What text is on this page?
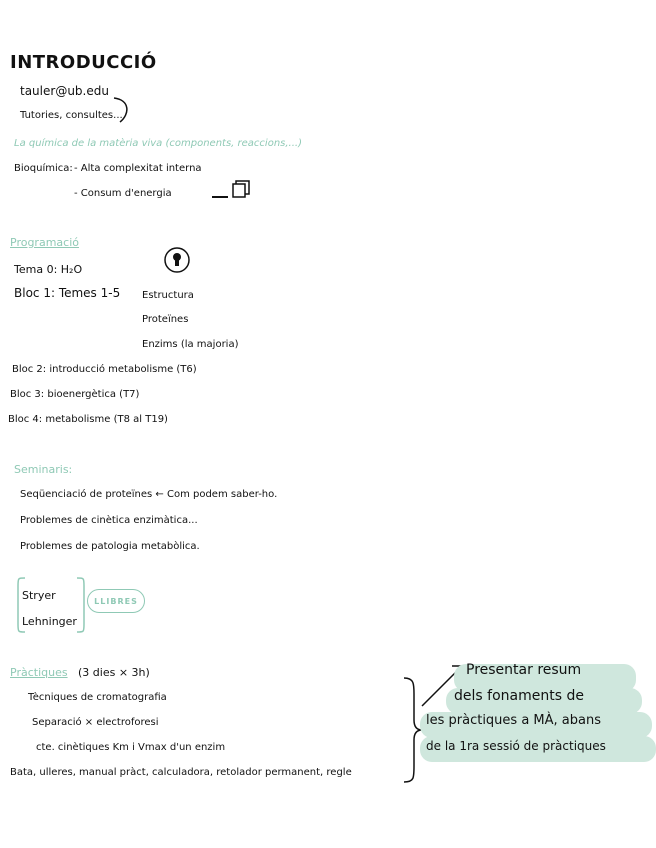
INTRODUCCIÓ
tauler@ub.edu
Tutories, consultes...
La química de la matèria viva (components, reaccions,...)
Bioquímica: - Alta complexitat interna
- Consum d'energia
Programació
Tema 0: H₂O
Bloc 1: Temes 1-5 Estructura
Proteïnes
Enzims (la majoria)
Bloc 2: introducció metabolisme (T6)
Bloc 3: bioenergètica (T7)
Bloc 4: metabolisme (T8 al T19)
Seminaris:
Seqüenciació de proteïnes ← Com podem saber-ho.
Problemes de cinètica enzimàtica...
Problemes de patologia metabòlica.
Stryer
Lehninger
LLIBRES
Pràctiques (3 dies × 3h)
Tècniques de cromatografia
Separació × electroforesi
cte. cinètiques Km i Vmax d'un enzim
Bata, ulleres, manual pràct, calculadora, retolador permanent, regle
Presentar resum
dels fonaments de
les pràctiques a MÀ, abans
de la 1ra sessió de pràctiques
